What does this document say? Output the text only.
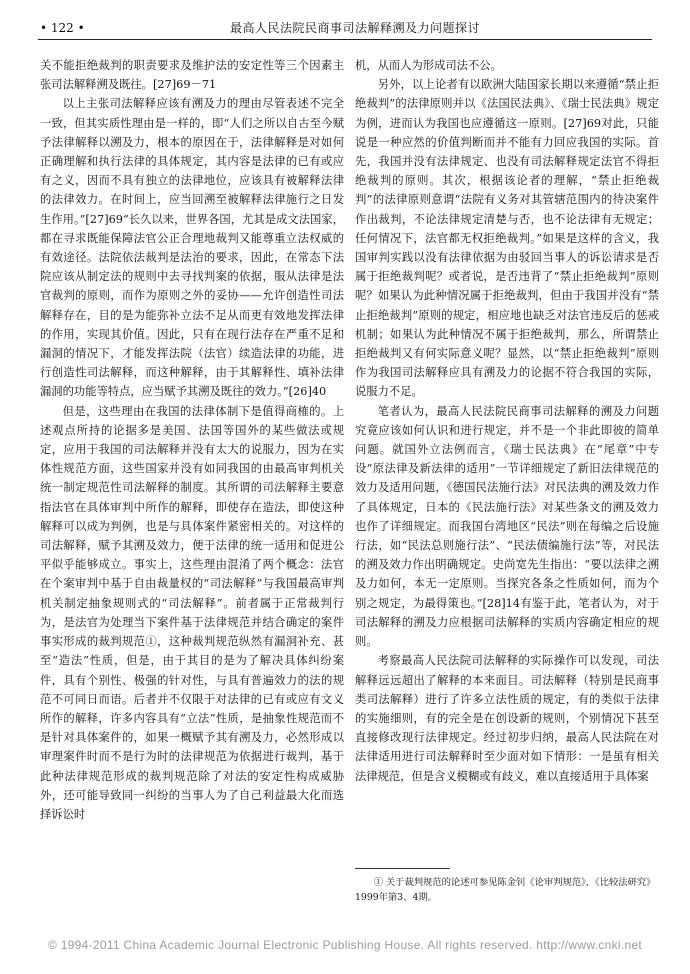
• 122 •	最高人民法院民商事司法解释溯及力问题探讨

关不能拒绝裁判的职责要求及维护法的安定性等三个因素主张司法解释溯及既往。[27]69－71

以上主张司法解释应该有溯及力的理由尽管表述不完全一致，但其实质性理由是一样的，即“人们之所以自古至今赋予法律解释以溯及力，根本的原因在于，法律解释是对如何正确理解和执行法律的具体规定，其内容是法律的已有或应有之义，因而不具有独立的法律地位，应该具有被解释法律的法律效力。在时间上，应当回溯至被解释法律施行之日发生作用。”[27]69“长久以来，世界各国，尤其是成文法国家，都在寻求既能保障法官公正合理地裁判又能尊重立法权威的有效途径。法院依法裁判是法治的要求，因此，在常态下法院应该从制定法的规则中去寻找判案的依据，服从法律是法官裁判的原则，而作为原则之外的妥协——允许创造性司法解释存在，目的是为能弥补立法不足从而更有效地发挥法律的作用，实现其价值。因此，只有在现行法存在严重不足和漏洞的情况下，才能发挥法院（法官）续造法律的功能，进行创造性司法解释，而这种解释，由于其解释性、填补法律漏洞的功能等特点，应当赋予其溯及既往的效力。”[26]40

但是，这些理由在我国的法律体制下是值得商榷的。上述观点所持的论据多是美国、法国等国外的某些做法或规定，应用于我国的司法解释并没有太大的说服力，因为在实体性规范方面，这些国家并没有如同我国的由最高审判机关统一制定规范性司法解释的制度。其所谓的司法解释主要意指法官在具体审判中所作的解释，即使存在造法，即使这种解释可以成为判例，也是与具体案件紧密相关的。对这样的司法解释，赋予其溯及效力，便于法律的统一适用和促进公平似乎能够成立。事实上，这些理由混淆了两个概念：法官在个案审判中基于自由裁量权的“司法解释”与我国最高审判机关制定抽象规则式的“司法解释”。前者属于正常裁判行为，是法官为处理当下案件基于法律规范并结合确定的案件事实形成的裁判规范①，这种裁判规范纵然有漏洞补充、甚至“造法”性质，但是，由于其目的是为了解决具体纠纷案件，具有个别性、极强的针对性，与具有普遍效力的法的规范不可同日而语。后者并不仅限于对法律的已有或应有文义所作的解释，许多内容具有“立法”性质，是抽象性规范而不是针对具体案件的，如果一概赋予其有溯及力，必然形成以审理案件时而不是行为时的法律规范为依据进行裁判，基于此种法律规范形成的裁判规范除了对法的安定性构成威胁外，还可能导致同一纠纷的当事人为了自己利益最大化而选择诉讼时

机，从而人为形成司法不公。

另外，以上论者有以欧洲大陆国家长期以来遵循“禁止拒绝裁判”的法律原则并以《法国民法典》、《瑞士民法典》规定为例，进而认为我国也应遵循这一原则。[27]69对此，只能说是一种应然的价值判断而并不能有力回应我国的实际。首先，我国并没有法律规定、也没有司法解释规定法官不得拒绝裁判的原则。其次，根据该论者的理解，“禁止拒绝裁判”的法律原则意谓“法院有义务对其管辖范围内的待决案件作出裁判，不论法律规定清楚与否，也不论法律有无规定；任何情况下，法官都无权拒绝裁判。”如果是这样的含义，我国审判实践以没有法律依据为由驳回当事人的诉讼请求是否属于拒绝裁判呢？或者说，是否违背了“禁止拒绝裁判”原则呢？如果认为此种情况属于拒绝裁判，但由于我国并没有“禁止拒绝裁判”原则的规定，相应地也缺乏对法官违反后的惩戒机制；如果认为此种情况不属于拒绝裁判，那么，所谓禁止拒绝裁判又有何实际意义呢？显然，以“禁止拒绝裁判”原则作为我国司法解释应具有溯及力的论据不符合我国的实际，说服力不足。

笔者认为，最高人民法院民商事司法解释的溯及力问题究竟应该如何认识和进行规定，并不是一个非此即彼的简单问题。就国外立法例而言，《瑞士民法典》在“尾章”中专设“原法律及新法律的适用”一节详细规定了新旧法律规范的效力及适用问题，《德国民法施行法》对民法典的溯及效力作了具体规定，日本的《民法施行法》对某些条文的溯及效力也作了详细规定。而我国台湾地区“民法”则在每编之后设施行法，如“民法总则施行法”、“民法债编施行法”等，对民法的溯及效力作出明确规定。史尚宽先生指出：“要以法律之溯及力如何，本无一定原则。当探究各条之性质如何，而为个别之规定，为最得策也。”[28]14有鉴于此，笔者认为，对于司法解释的溯及力应根据司法解释的实质内容确定相应的规则。

考察最高人民法院司法解释的实际操作可以发现，司法解释远远超出了解释的本来面目。司法解释（特别是民商事类司法解释）进行了许多立法性质的规定，有的类似于法律的实施细则，有的完全是在创设新的规则，个别情况下甚至直接修改现行法律规定。经过初步归纳，最高人民法院在对法律适用进行司法解释时至少面对如下情形：一是虽有相关法律规范，但是含义模糊或有歧义，难以直接适用于具体案

① 关于裁判规范的论述可参见陈金钊《论审判规范》，《比较法研究》1999年第3、4期。
© 1994-2011 China Academic Journal Electronic Publishing House. All rights reserved. http://www.cnki.net
